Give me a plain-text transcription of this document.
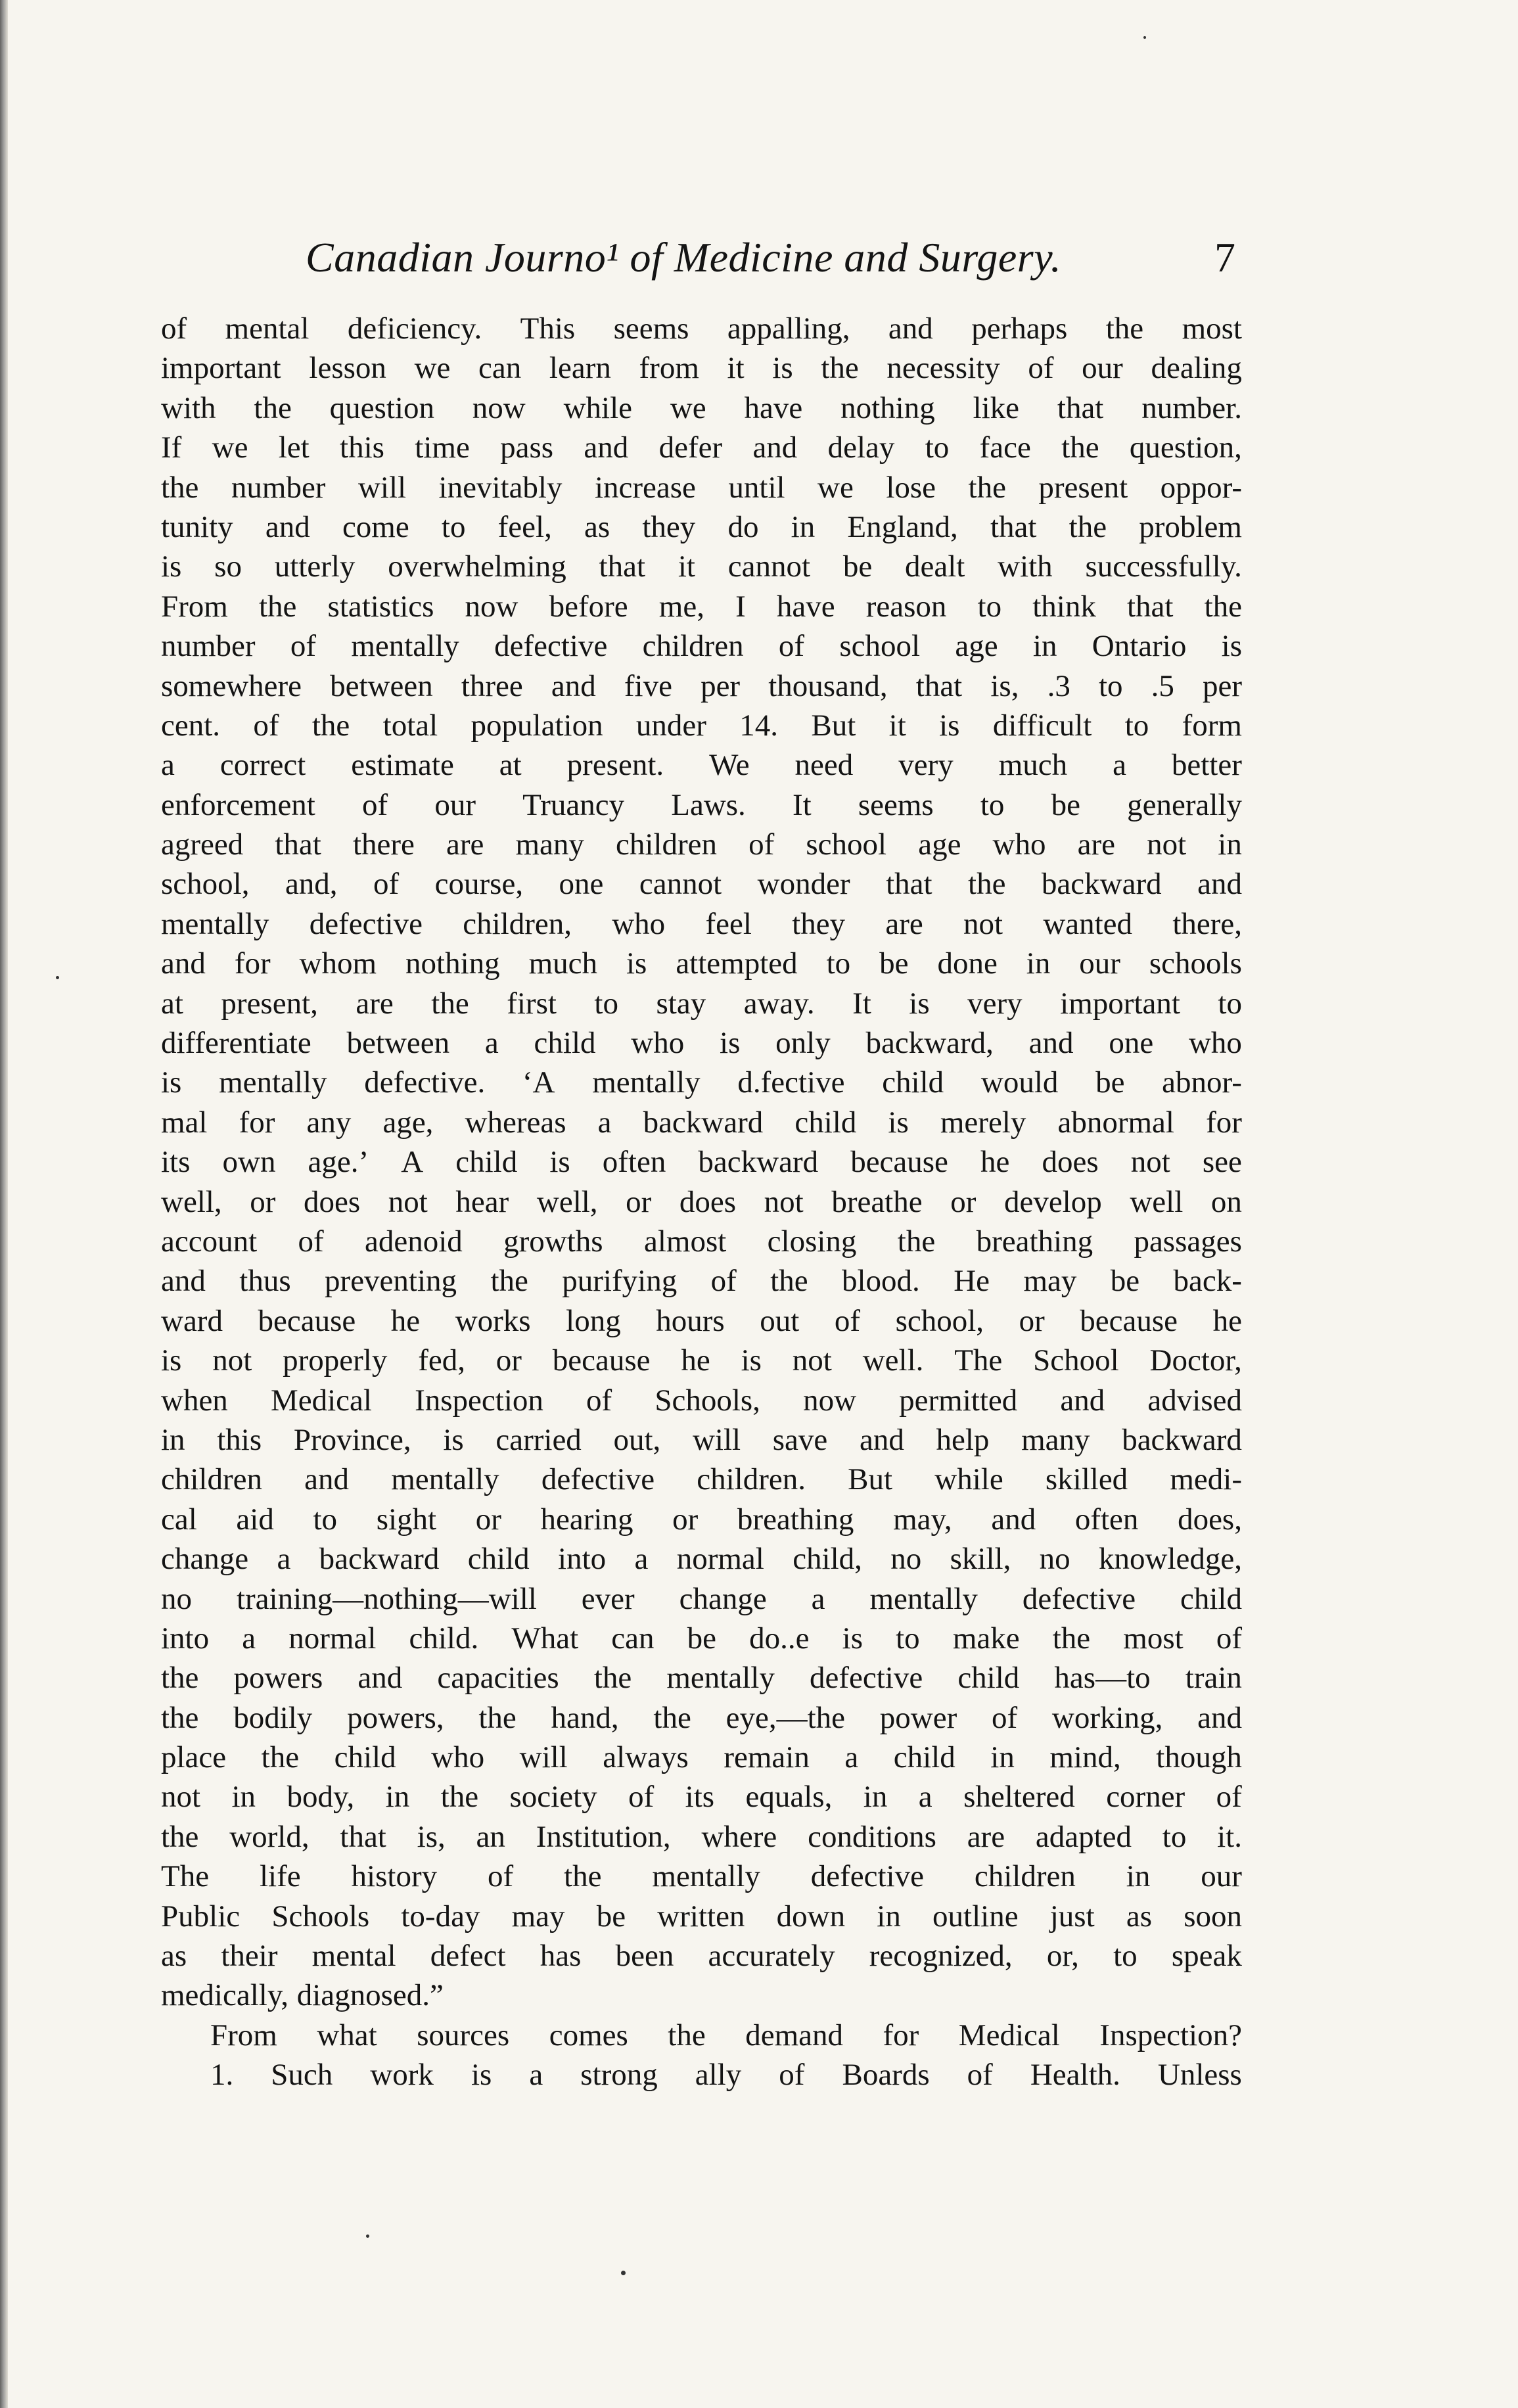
Canadian Journo¹ of Medicine and Surgery.	7
of mental deficiency. This seems appalling, and perhaps the most
important lesson we can learn from it is the necessity of our dealing
with the question now while we have nothing like that number.
If we let this time pass and defer and delay to face the question,
the number will inevitably increase until we lose the present oppor-
tunity and come to feel, as they do in England, that the problem
is so utterly overwhelming that it cannot be dealt with successfully.
From the statistics now before me, I have reason to think that the
number of mentally defective children of school age in Ontario is
somewhere between three and five per thousand, that is, .3 to .5 per
cent. of the total population under 14. But it is difficult to form
a correct estimate at present. We need very much a better
enforcement of our Truancy Laws. It seems to be generally
agreed that there are many children of school age who are not in
school, and, of course, one cannot wonder that the backward and
mentally defective children, who feel they are not wanted there,
and for whom nothing much is attempted to be done in our schools
at present, are the first to stay away. It is very important to
differentiate between a child who is only backward, and one who
is mentally defective. ‘A mentally d.fective child would be abnor-
mal for any age, whereas a backward child is merely abnormal for
its own age.’ A child is often backward because he does not see
well, or does not hear well, or does not breathe or develop well on
account of adenoid growths almost closing the breathing passages
and thus preventing the purifying of the blood. He may be back-
ward because he works long hours out of school, or because he
is not properly fed, or because he is not well. The School Doctor,
when Medical Inspection of Schools, now permitted and advised
in this Province, is carried out, will save and help many backward
children and mentally defective children. But while skilled medi-
cal aid to sight or hearing or breathing may, and often does,
change a backward child into a normal child, no skill, no knowledge,
no training—nothing—will ever change a mentally defective child
into a normal child. What can be do..e is to make the most of
the powers and capacities the mentally defective child has—to train
the bodily powers, the hand, the eye,—the power of working, and
place the child who will always remain a child in mind, though
not in body, in the society of its equals, in a sheltered corner of
the world, that is, an Institution, where conditions are adapted to it.
The life history of the mentally defective children in our
Public Schools to-day may be written down in outline just as soon
as their mental defect has been accurately recognized, or, to speak
medically, diagnosed.”
From what sources comes the demand for Medical Inspection?
1. Such work is a strong ally of Boards of Health. Unless
